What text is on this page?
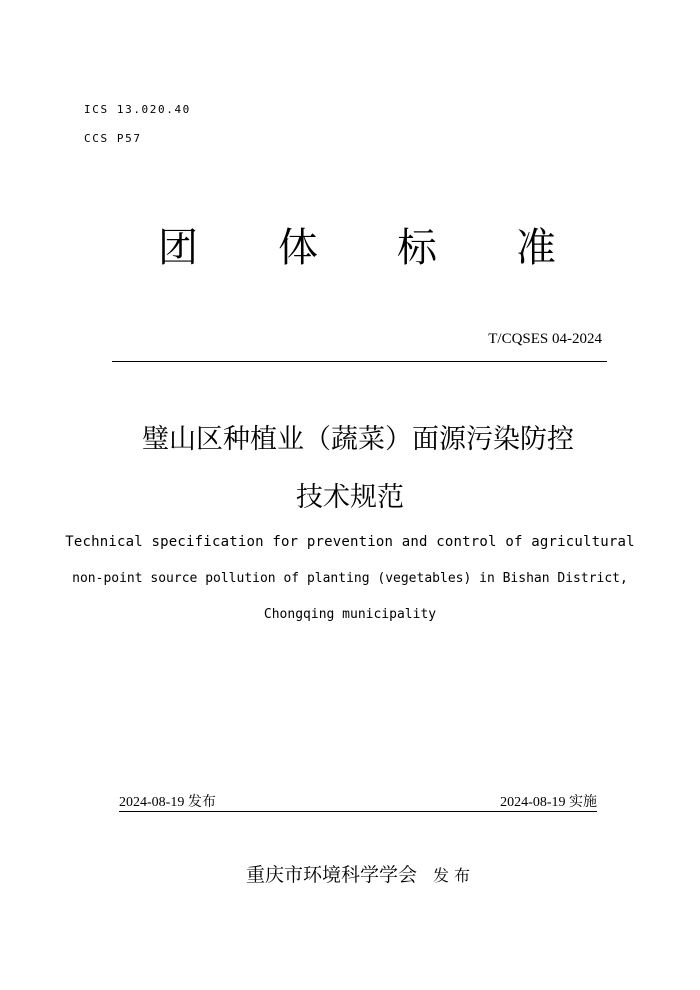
ICS 13.020.40
CCS P57
团 体 标 准
T/CQSES 04-2024
璧山区种植业（蔬菜）面源污染防控
技术规范
Technical specification for prevention and control of agricultural
non-point source pollution of planting (vegetables) in Bishan District,
Chongqing municipality
2024-08-19 发布	2024-08-19 实施
重庆市环境科学学会 发 布
